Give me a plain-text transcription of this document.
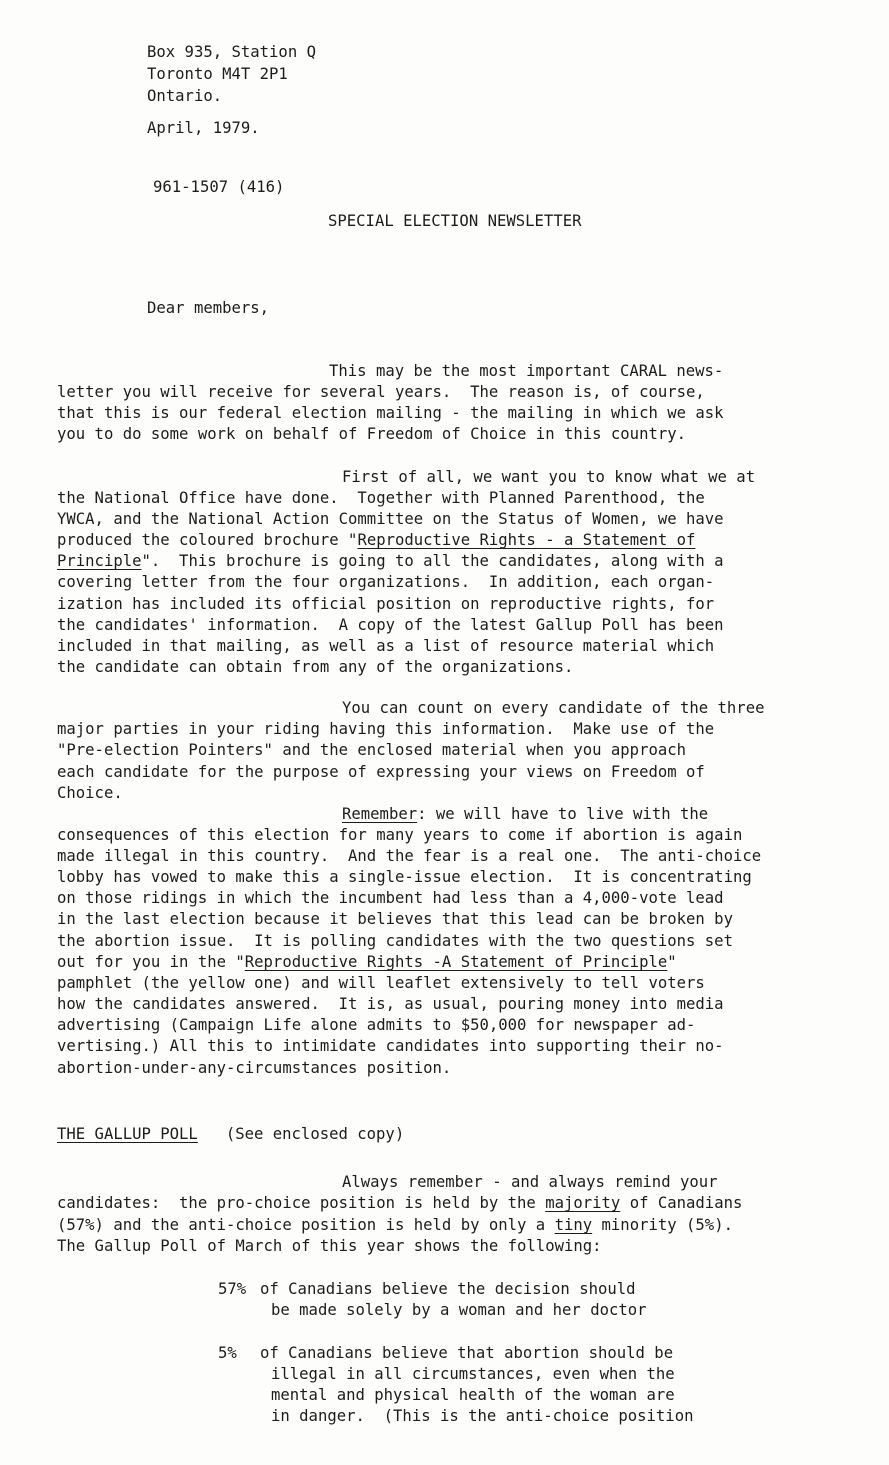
Box 935, Station Q
Toronto M4T 2P1
Ontario.
April, 1979.
961-1507 (416)
SPECIAL ELECTION NEWSLETTER
Dear members,
This may be the most important CARAL news-
letter you will receive for several years.  The reason is, of course,
that this is our federal election mailing - the mailing in which we ask
you to do some work on behalf of Freedom of Choice in this country.
First of all, we want you to know what we at
the National Office have done.  Together with Planned Parenthood, the
YWCA, and the National Action Committee on the Status of Women, we have
produced the coloured brochure "Reproductive Rights - a Statement of
Principle".  This brochure is going to all the candidates, along with a
covering letter from the four organizations.  In addition, each organ-
ization has included its official position on reproductive rights, for
the candidates' information.  A copy of the latest Gallup Poll has been
included in that mailing, as well as a list of resource material which
the candidate can obtain from any of the organizations.
You can count on every candidate of the three
major parties in your riding having this information.  Make use of the
"Pre-election Pointers" and the enclosed material when you approach
each candidate for the purpose of expressing your views on Freedom of
Choice.
Remember: we will have to live with the
consequences of this election for many years to come if abortion is again
made illegal in this country.  And the fear is a real one.  The anti-choice
lobby has vowed to make this a single-issue election.  It is concentrating
on those ridings in which the incumbent had less than a 4,000-vote lead
in the last election because it believes that this lead can be broken by
the abortion issue.  It is polling candidates with the two questions set
out for you in the "Reproductive Rights -A Statement of Principle"
pamphlet (the yellow one) and will leaflet extensively to tell voters
how the candidates answered.  It is, as usual, pouring money into media
advertising (Campaign Life alone admits to $50,000 for newspaper ad-
vertising.) All this to intimidate candidates into supporting their no-
abortion-under-any-circumstances position.
THE GALLUP POLL (See enclosed copy)
Always remember - and always remind your
candidates:  the pro-choice position is held by the majority of Canadians
(57%) and the anti-choice position is held by only a tiny minority (5%).
The Gallup Poll of March of this year shows the following:
57% of Canadians believe the decision should
be made solely by a woman and her doctor
5% of Canadians believe that abortion should be
illegal in all circumstances, even when the
mental and physical health of the woman are
in danger.  (This is the anti-choice position
